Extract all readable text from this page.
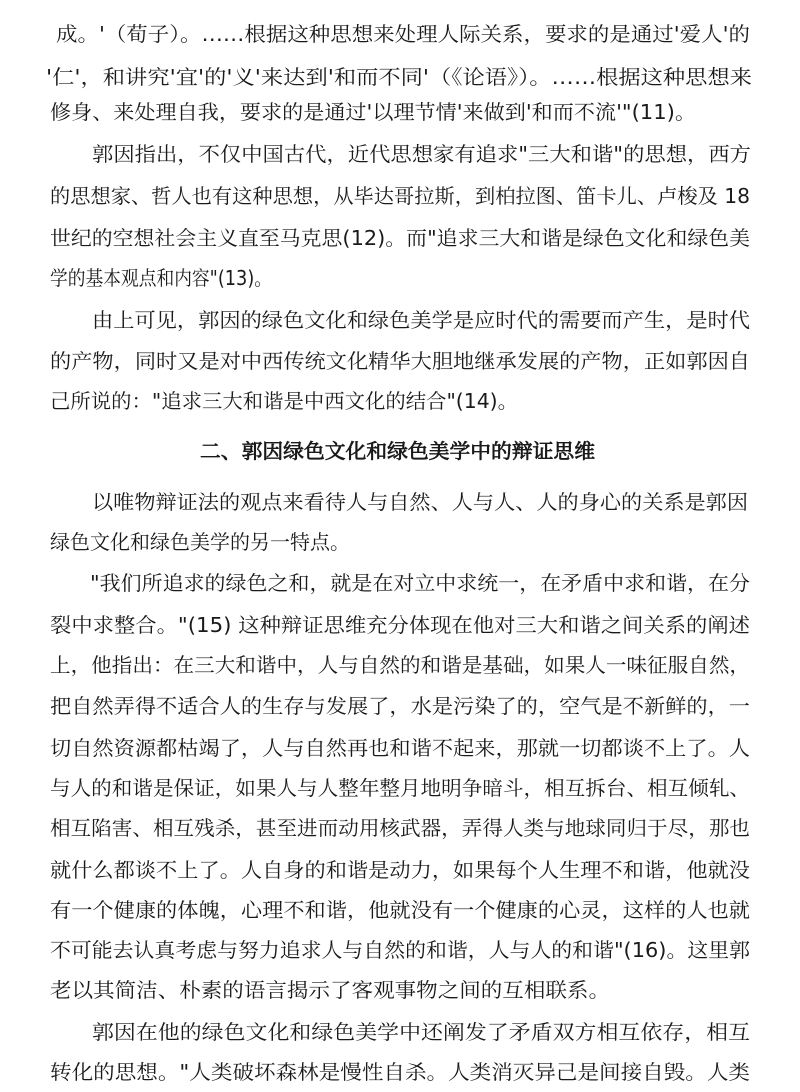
成。'（荀子）。……根据这种思想来处理人际关系，要求的是通过'爱人'的
'仁'，和讲究'宜'的'义'来达到'和而不同'（《论语》）。……根据这种思想来
修身、来处理自我，要求的是通过'以理节情'来做到'和而不流'"(11)。
郭因指出，不仅中国古代，近代思想家有追求"三大和谐"的思想，西方
的思想家、哲人也有这种思想，从毕达哥拉斯，到柏拉图、笛卡儿、卢梭及 18
世纪的空想社会主义直至马克思(12)。而"追求三大和谐是绿色文化和绿色美
学的基本观点和内容"(13)。
由上可见，郭因的绿色文化和绿色美学是应时代的需要而产生，是时代
的产物，同时又是对中西传统文化精华大胆地继承发展的产物，正如郭因自
己所说的："追求三大和谐是中西文化的结合"(14)。
二、郭因绿色文化和绿色美学中的辩证思维
以唯物辩证法的观点来看待人与自然、人与人、人的身心的关系是郭因
绿色文化和绿色美学的另一特点。
"我们所追求的绿色之和，就是在对立中求统一，在矛盾中求和谐，在分
裂中求整合。"(15) 这种辩证思维充分体现在他对三大和谐之间关系的阐述
上，他指出：在三大和谐中，人与自然的和谐是基础，如果人一味征服自然，
把自然弄得不适合人的生存与发展了，水是污染了的，空气是不新鲜的，一
切自然资源都枯竭了，人与自然再也和谐不起来，那就一切都谈不上了。人
与人的和谐是保证，如果人与人整年整月地明争暗斗，相互拆台、相互倾轧、
相互陷害、相互残杀，甚至进而动用核武器，弄得人类与地球同归于尽，那也
就什么都谈不上了。人自身的和谐是动力，如果每个人生理不和谐，他就没
有一个健康的体魄，心理不和谐，他就没有一个健康的心灵，这样的人也就
不可能去认真考虑与努力追求人与自然的和谐，人与人的和谐"(16)。这里郭
老以其简洁、朴素的语言揭示了客观事物之间的互相联系。
郭因在他的绿色文化和绿色美学中还阐发了矛盾双方相互依存，相互
转化的思想。"人类破坏森林是慢性自杀。人类消灭异己是间接自毁。人类
